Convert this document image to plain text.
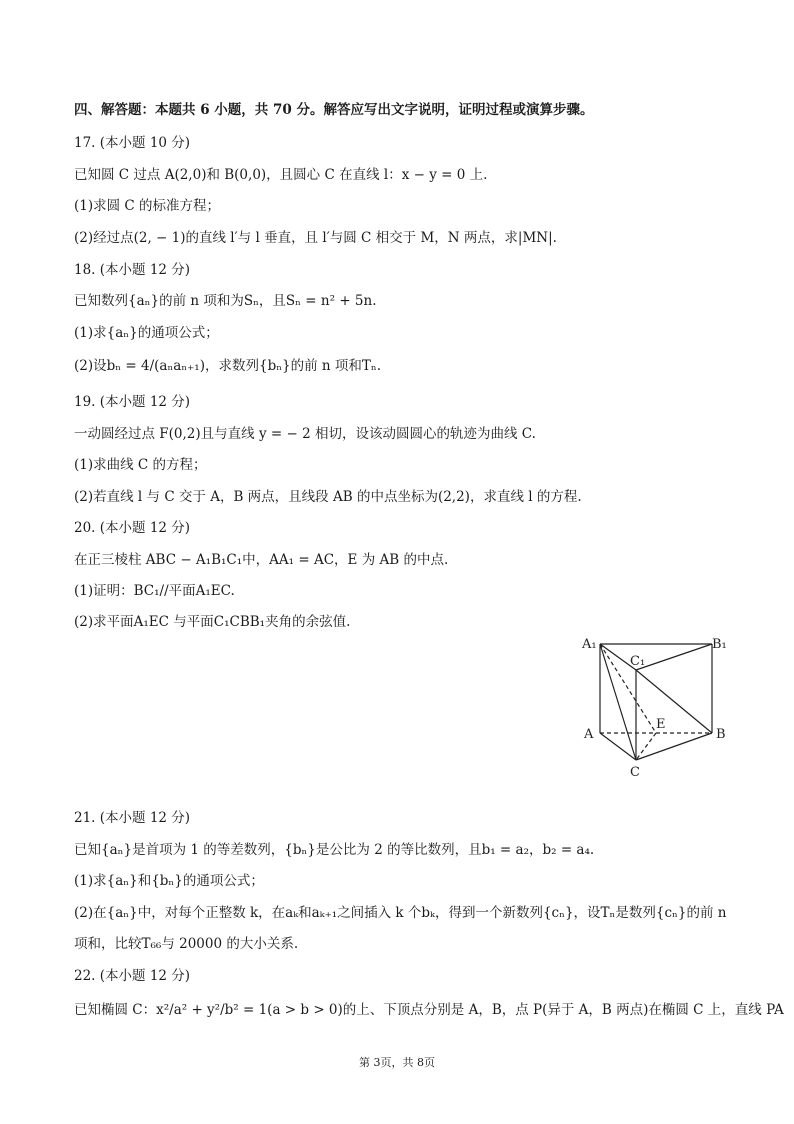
四、解答题：本题共 6 小题，共 70 分。解答应写出文字说明，证明过程或演算步骤。
17. (本小题 10 分)
已知圆 C 过点 A(2,0)和 B(0,0)，且圆心 C 在直线 l：x − y = 0 上.
(1)求圆 C 的标准方程；
(2)经过点(2, − 1)的直线 l′与 l 垂直，且 l′与圆 C 相交于 M，N 两点，求|MN|.
18. (本小题 12 分)
已知数列{aₙ}的前 n 项和为Sₙ，且Sₙ = n² + 5n.
(1)求{aₙ}的通项公式；
(2)设bₙ = 4/(aₙaₙ₊₁)，求数列{bₙ}的前 n 项和Tₙ.
19. (本小题 12 分)
一动圆经过点 F(0,2)且与直线 y = − 2 相切，设该动圆圆心的轨迹为曲线 C.
(1)求曲线 C 的方程；
(2)若直线 l 与 C 交于 A，B 两点，且线段 AB 的中点坐标为(2,2)，求直线 l 的方程.
20. (本小题 12 分)
在正三棱柱 ABC − A₁B₁C₁中，AA₁ = AC，E 为 AB 的中点.
(1)证明：BC₁//平面A₁EC.
(2)求平面A₁EC 与平面C₁CBB₁夹角的余弦值.
A₁
C₁
B₁
E
A	B
C
21. (本小题 12 分)
已知{aₙ}是首项为 1 的等差数列，{bₙ}是公比为 2 的等比数列，且b₁ = a₂，b₂ = a₄.
(1)求{aₙ}和{bₙ}的通项公式；
(2)在{aₙ}中，对每个正整数 k，在aₖ和aₖ₊₁之间插入 k 个bₖ，得到一个新数列{cₙ}，设Tₙ是数列{cₙ}的前 n
项和，比较T₆₆与 20000 的大小关系.
22. (本小题 12 分)
已知椭圆 C：x²/a² + y²/b² = 1(a > b > 0)的上、下顶点分别是 A，B，点 P(异于 A，B 两点)在椭圆 C 上，直线 PA
第 3页，共 8页
